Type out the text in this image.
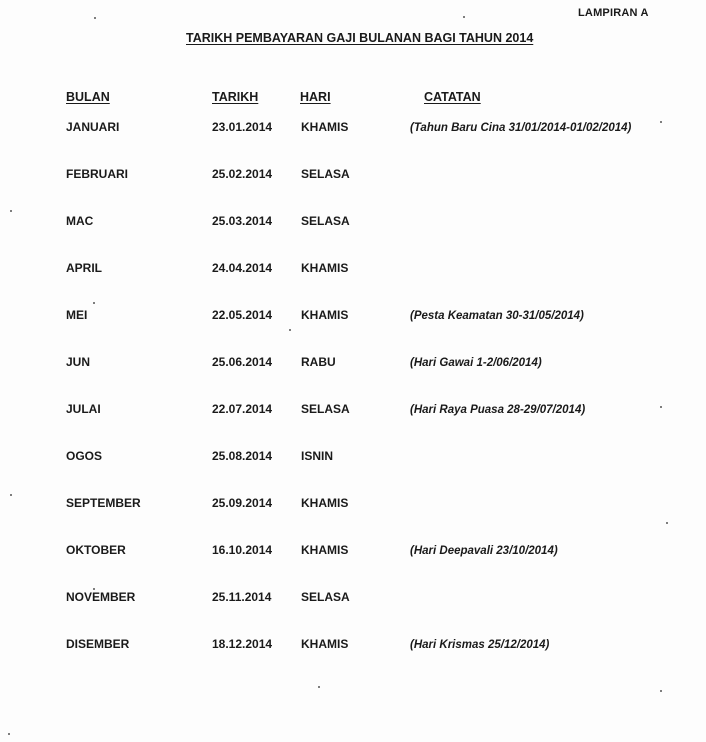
LAMPIRAN A
TARIKH PEMBAYARAN GAJI BULANAN BAGI TAHUN 2014
BULAN	TARIKH	HARI	CATATAN
JANUARI	23.01.2014 KHAMIS	(Tahun Baru Cina 31/01/2014-01/02/2014)
FEBRUARI	25.02.2014 SELASA
MAC	25.03.2014 SELASA
APRIL	24.04.2014 KHAMIS
MEI	22.05.2014 KHAMIS	(Pesta Keamatan 30-31/05/2014)
JUN	25.06.2014 RABU	(Hari Gawai 1-2/06/2014)
JULAI	22.07.2014 SELASA	(Hari Raya Puasa 28-29/07/2014)
OGOS	25.08.2014 ISNIN
SEPTEMBER	25.09.2014 KHAMIS
OKTOBER	16.10.2014 KHAMIS	(Hari Deepavali 23/10/2014)
NOVEMBER	25.11.2014 SELASA
DISEMBER	18.12.2014 KHAMIS	(Hari Krismas 25/12/2014)
